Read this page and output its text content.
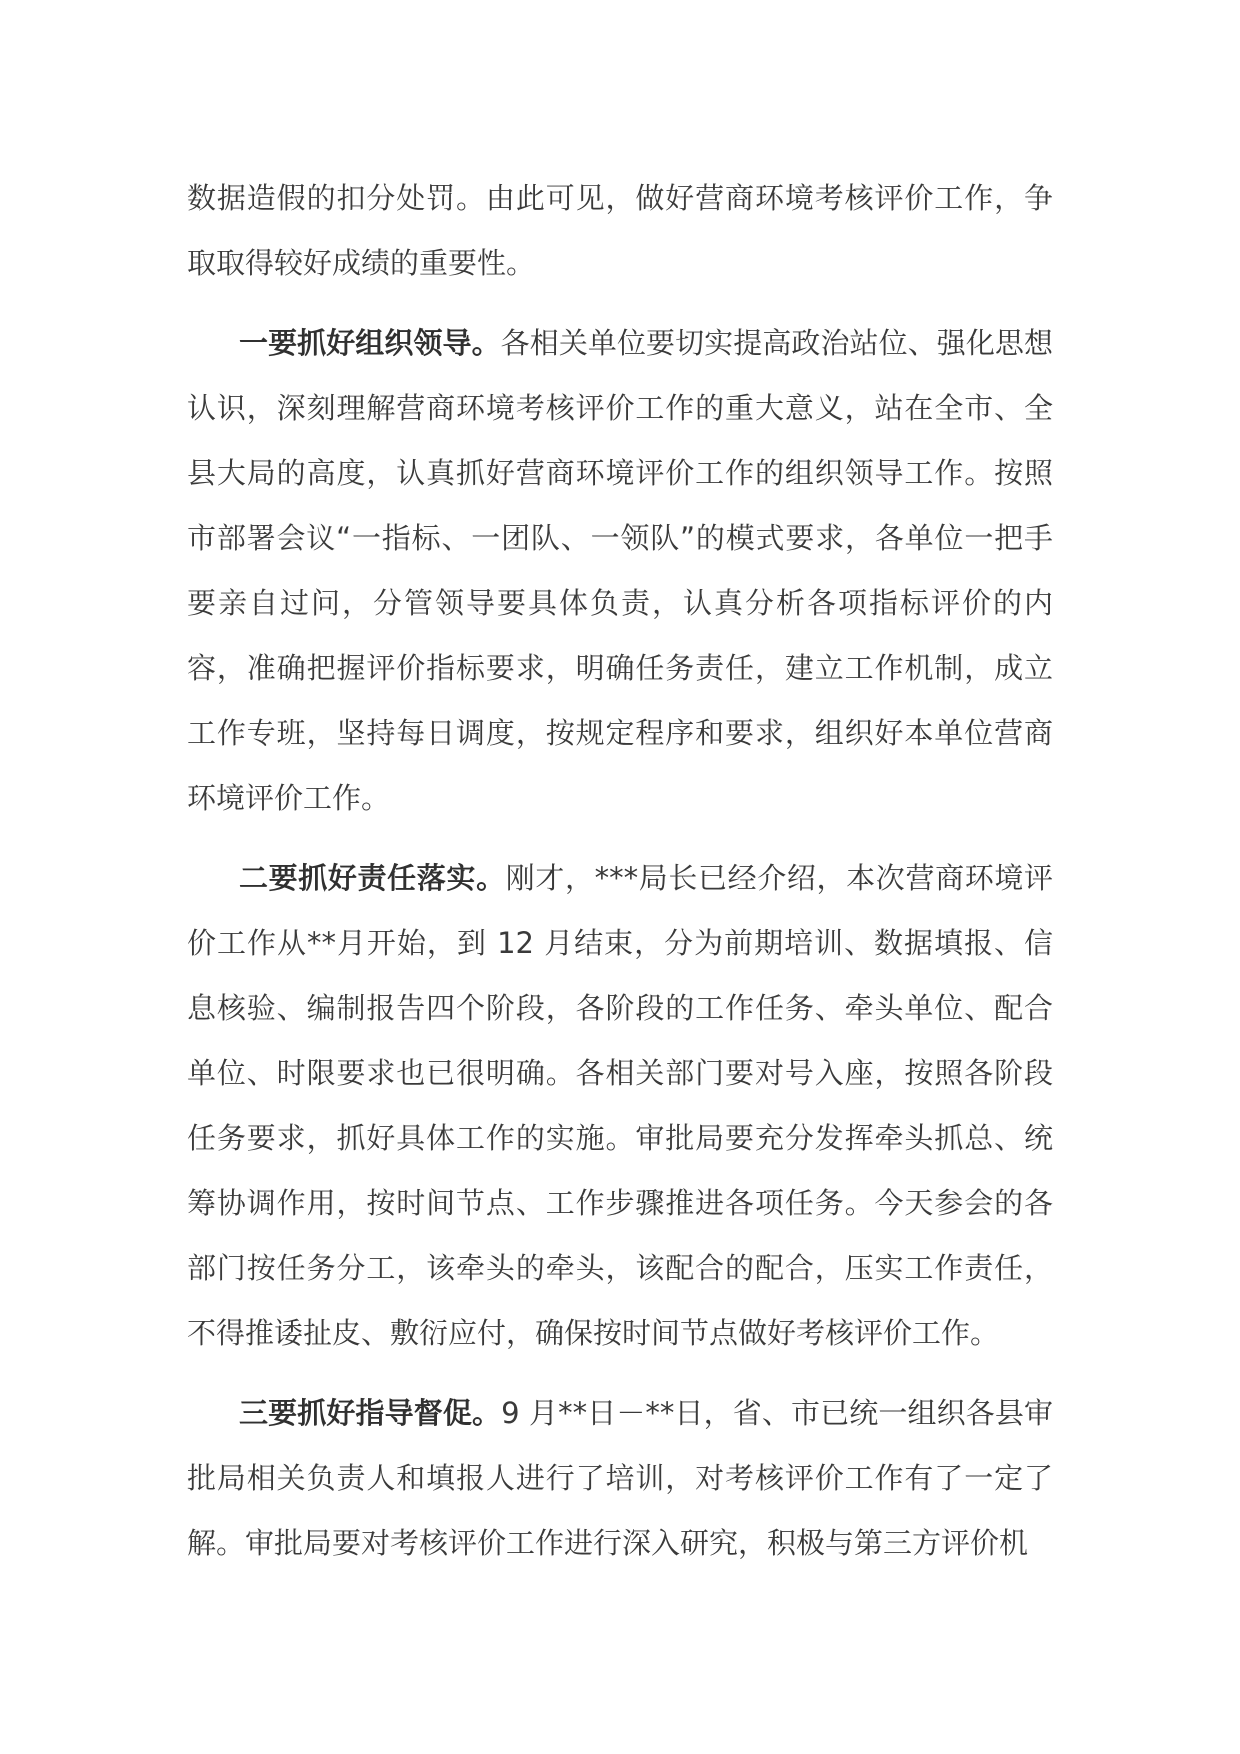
数据造假的扣分处罚。由此可见，做好营商环境考核评价工作，争取取得较好成绩的重要性。

一要抓好组织领导。各相关单位要切实提高政治站位、强化思想认识，深刻理解营商环境考核评价工作的重大意义，站在全市、全县大局的高度，认真抓好营商环境评价工作的组织领导工作。按照市部署会议“一指标、一团队、一领队”的模式要求，各单位一把手要亲自过问，分管领导要具体负责，认真分析各项指标评价的内容，准确把握评价指标要求，明确任务责任，建立工作机制，成立工作专班，坚持每日调度，按规定程序和要求，组织好本单位营商环境评价工作。

二要抓好责任落实。刚才，***局长已经介绍，本次营商环境评价工作从**月开始，到 12 月结束，分为前期培训、数据填报、信息核验、编制报告四个阶段，各阶段的工作任务、牵头单位、配合单位、时限要求也已很明确。各相关部门要对号入座，按照各阶段任务要求，抓好具体工作的实施。审批局要充分发挥牵头抓总、统筹协调作用，按时间节点、工作步骤推进各项任务。今天参会的各部门按任务分工，该牵头的牵头，该配合的配合，压实工作责任，不得推诿扯皮、敷衍应付，确保按时间节点做好考核评价工作。

三要抓好指导督促。9 月**日－**日，省、市已统一组织各县审批局相关负责人和填报人进行了培训，对考核评价工作有了一定了解。审批局要对考核评价工作进行深入研究，积极与第三方评价机
